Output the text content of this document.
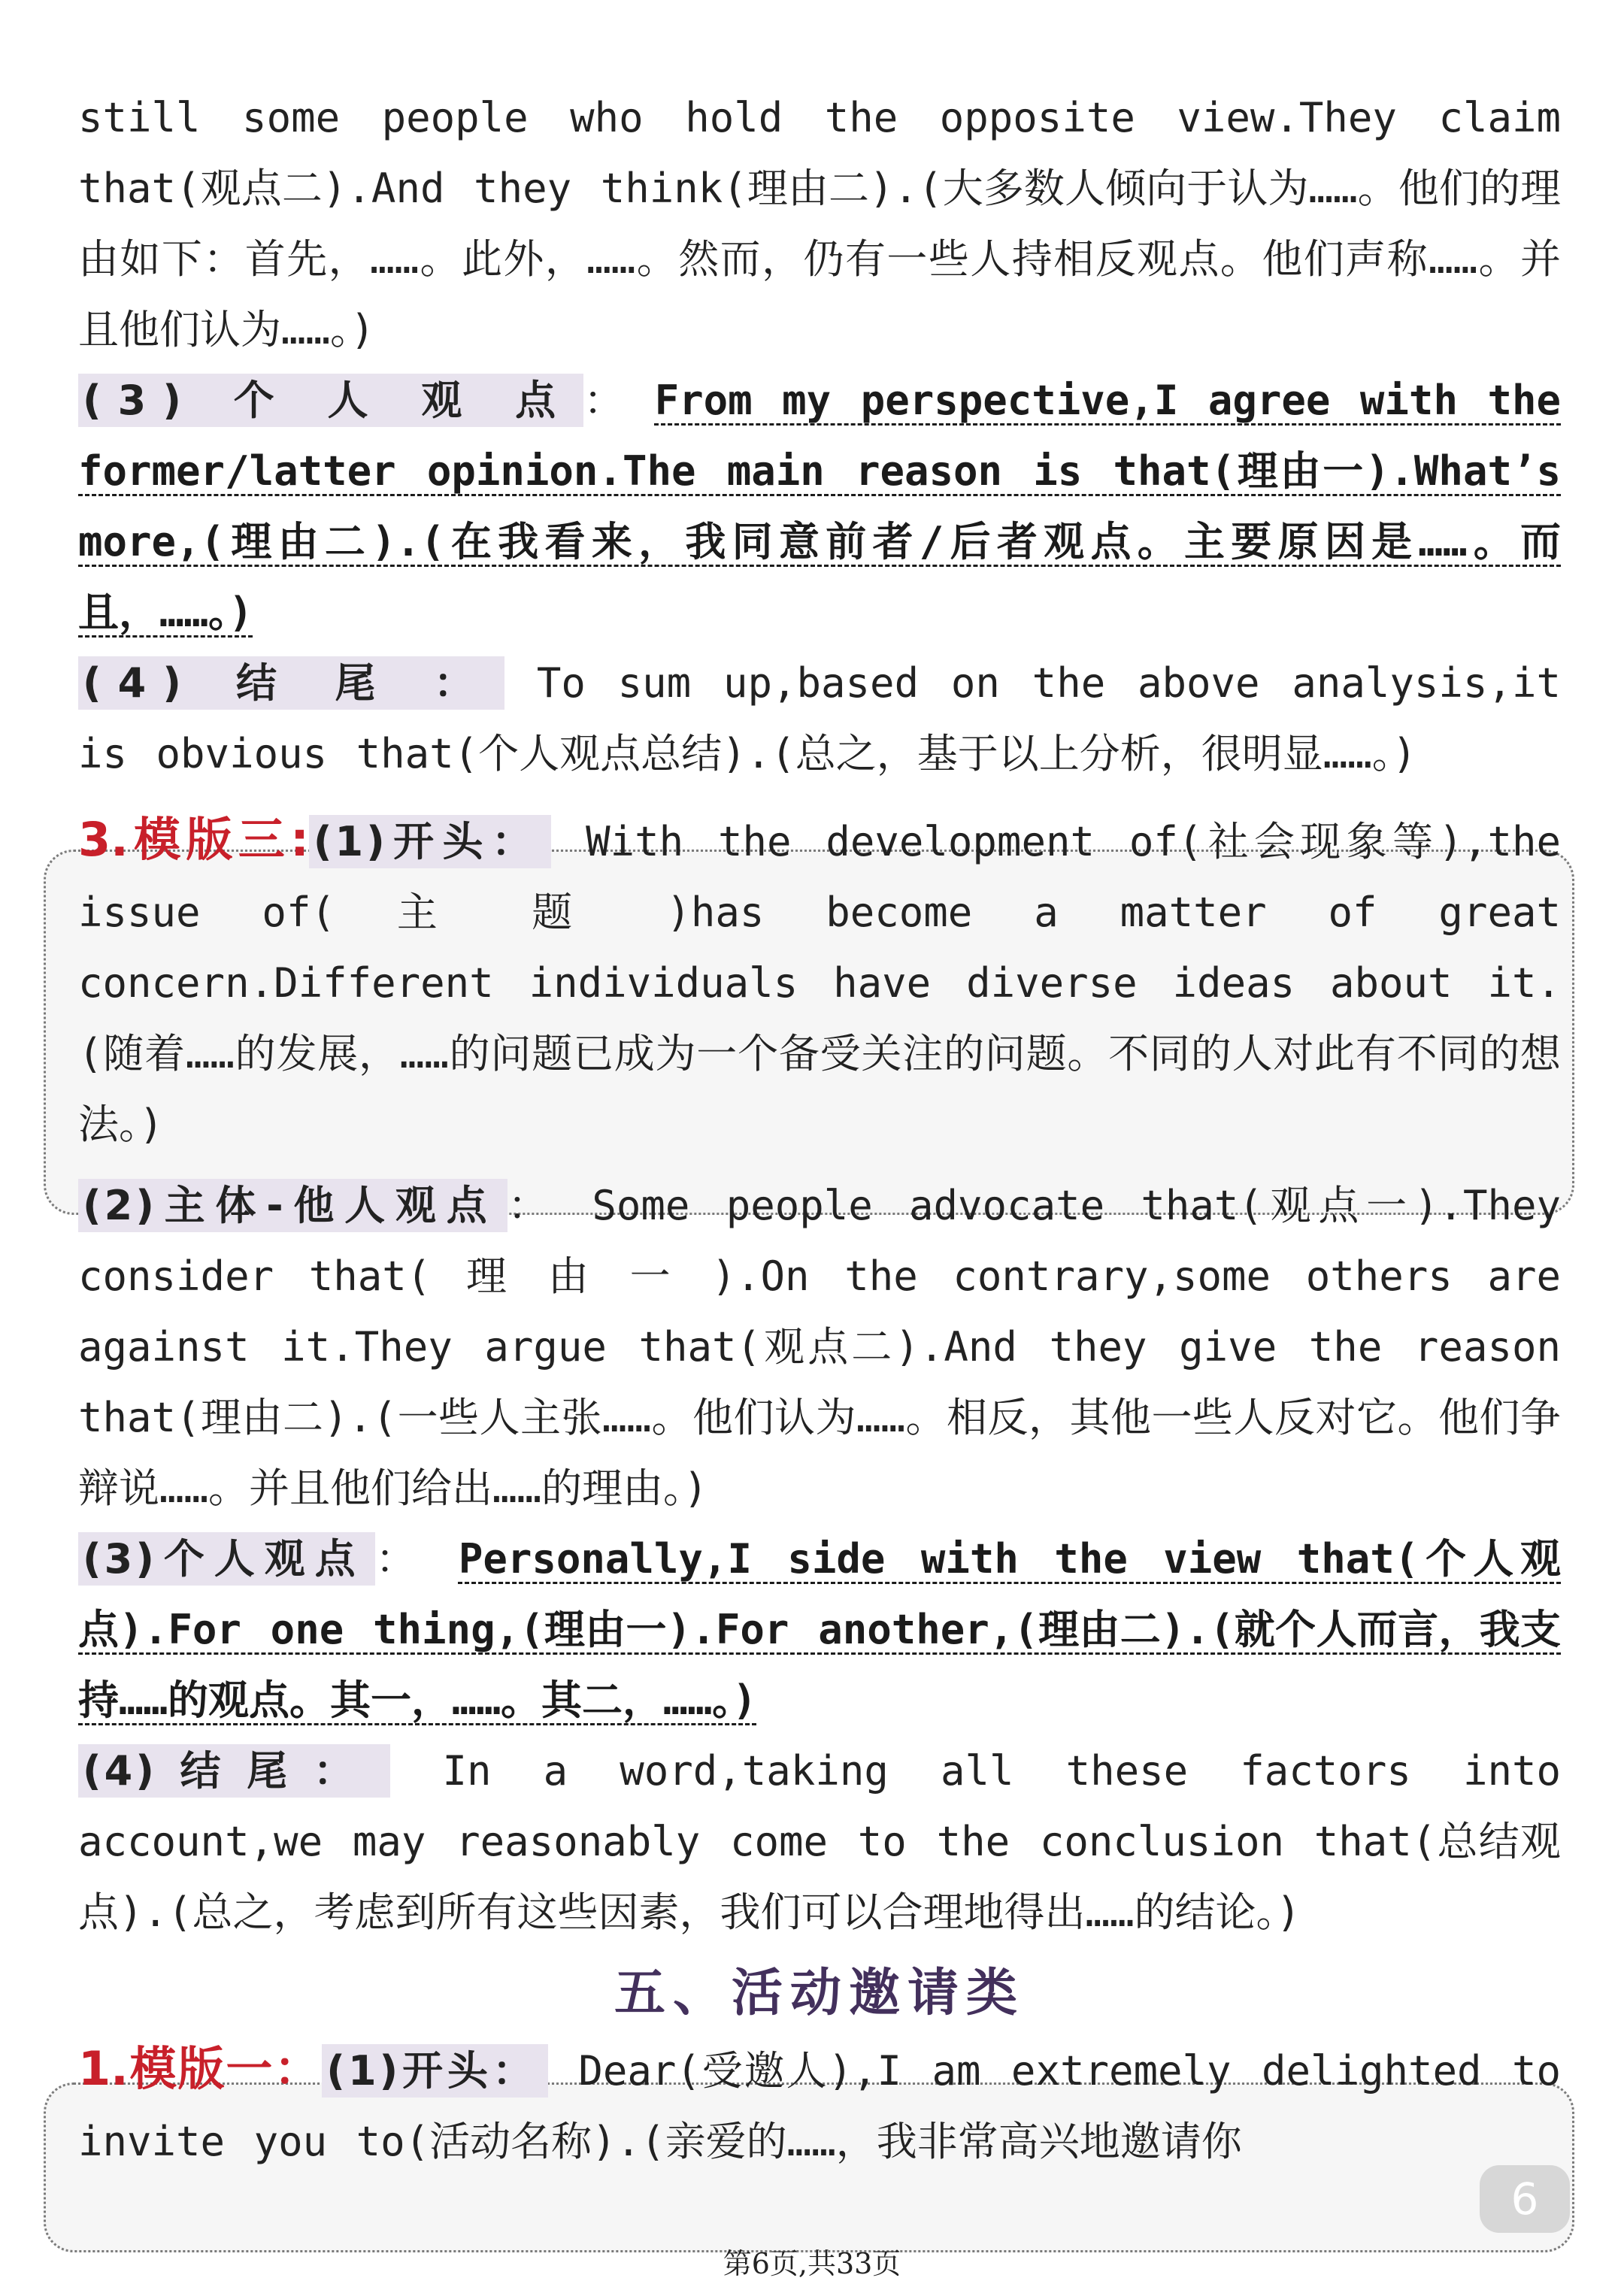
still some people who hold the opposite view.They claim that(观点二).And they think(理由二).(大多数人倾向于认为……。他们的理由如下：首先，……。此外，……。然而，仍有一些人持相反观点。他们声称……。并且他们认为……。)

(3) 个 人 观 点 ： From my perspective,I agree with the former/latter opinion.The main reason is that(理由一).What’s more,(理由二).(在我看来，我同意前者/后者观点。主要原因是……。而且，……。)

(4) 结 尾 ： To sum up,based on the above analysis,it is obvious that(个人观点总结).(总之，基于以上分析，很明显……。)

3.模版三: (1)开头： With the development of(社会现象等),the issue of( 主 题 )has become a matter of great concern.Different individuals have diverse ideas about it.(随着……的发展，……的问题已成为一个备受关注的问题。不同的人对此有不同的想法。)

(2)主体-他人观点 ： Some people advocate that(观点一).They consider that( 理 由 一 ).On the contrary,some others are against it.They argue that(观点二).And they give the reason that(理由二).(一些人主张……。他们认为……。相反，其他一些人反对它。他们争辩说……。并且他们给出……的理由。)

(3)个人观点 ： Personally,I side with the view that(个人观点).For one thing,(理由一).For another,(理由二).(就个人而言，我支持……的观点。其一，……。其二，……。)

(4)结尾： In a word,taking all these factors into account,we may reasonably come to the conclusion that(总结观点).(总之，考虑到所有这些因素，我们可以合理地得出……的结论。)

五、活动邀请类

1.模版一： (1)开头： Dear(受邀人),I am extremely delighted to invite you to(活动名称).(亲爱的……，我非常高兴地邀请你

6
第6页,共33页
